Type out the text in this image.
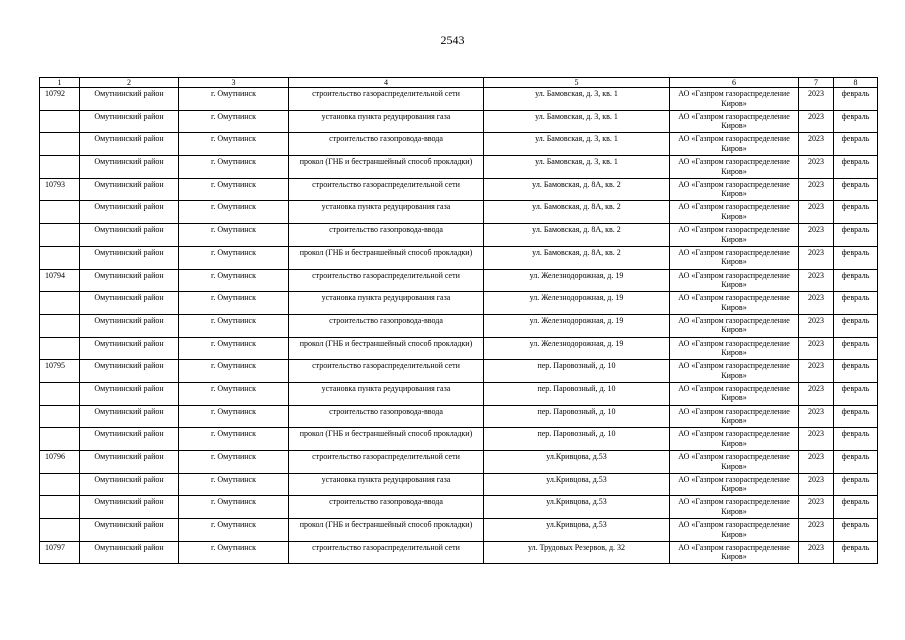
2543
1	2	3	4	5	6	7	8
10792	Омутнинский район	г. Омутнинск	строительство газораспределительной сети	ул. Бамовская, д. 3, кв. 1	АО «Газпром газораспределение Киров»	2023	февраль
	Омутнинский район	г. Омутнинск	установка пункта редуцирования газа	ул. Бамовская, д. 3, кв. 1	АО «Газпром газораспределение Киров»	2023	февраль
	Омутнинский район	г. Омутнинск	строительство газопровода-ввода	ул. Бамовская, д. 3, кв. 1	АО «Газпром газораспределение Киров»	2023	февраль
	Омутнинский район	г. Омутнинск	прокол (ГНБ и бестраншейный способ прокладки)	ул. Бамовская, д. 3, кв. 1	АО «Газпром газораспределение Киров»	2023	февраль
10793	Омутнинский район	г. Омутнинск	строительство газораспределительной сети	ул. Бамовская, д. 8А, кв. 2	АО «Газпром газораспределение Киров»	2023	февраль
	Омутнинский район	г. Омутнинск	установка пункта редуцирования газа	ул. Бамовская, д. 8А, кв. 2	АО «Газпром газораспределение Киров»	2023	февраль
	Омутнинский район	г. Омутнинск	строительство газопровода-ввода	ул. Бамовская, д. 8А, кв. 2	АО «Газпром газораспределение Киров»	2023	февраль
	Омутнинский район	г. Омутнинск	прокол (ГНБ и бестраншейный способ прокладки)	ул. Бамовская, д. 8А, кв. 2	АО «Газпром газораспределение Киров»	2023	февраль
10794	Омутнинский район	г. Омутнинск	строительство газораспределительной сети	ул. Железнодорожная, д. 19	АО «Газпром газораспределение Киров»	2023	февраль
	Омутнинский район	г. Омутнинск	установка пункта редуцирования газа	ул. Железнодорожная, д. 19	АО «Газпром газораспределение Киров»	2023	февраль
	Омутнинский район	г. Омутнинск	строительство газопровода-ввода	ул. Железнодорожная, д. 19	АО «Газпром газораспределение Киров»	2023	февраль
	Омутнинский район	г. Омутнинск	прокол (ГНБ и бестраншейный способ прокладки)	ул. Железнодорожная, д. 19	АО «Газпром газораспределение Киров»	2023	февраль
10795	Омутнинский район	г. Омутнинск	строительство газораспределительной сети	пер. Паровозный, д. 10	АО «Газпром газораспределение Киров»	2023	февраль
	Омутнинский район	г. Омутнинск	установка пункта редуцирования газа	пер. Паровозный, д. 10	АО «Газпром газораспределение Киров»	2023	февраль
	Омутнинский район	г. Омутнинск	строительство газопровода-ввода	пер. Паровозный, д. 10	АО «Газпром газораспределение Киров»	2023	февраль
	Омутнинский район	г. Омутнинск	прокол (ГНБ и бестраншейный способ прокладки)	пер. Паровозный, д. 10	АО «Газпром газораспределение Киров»	2023	февраль
10796	Омутнинский район	г. Омутнинск	строительство газораспределительной сети	ул.Кривцова, д.53	АО «Газпром газораспределение Киров»	2023	февраль
	Омутнинский район	г. Омутнинск	установка пункта редуцирования газа	ул.Кривцова, д.53	АО «Газпром газораспределение Киров»	2023	февраль
	Омутнинский район	г. Омутнинск	строительство газопровода-ввода	ул.Кривцова, д.53	АО «Газпром газораспределение Киров»	2023	февраль
	Омутнинский район	г. Омутнинск	прокол (ГНБ и бестраншейный способ прокладки)	ул.Кривцова, д.53	АО «Газпром газораспределение Киров»	2023	февраль
10797	Омутнинский район	г. Омутнинск	строительство газораспределительной сети	ул. Трудовых Резервов, д. 32	АО «Газпром газораспределение Киров»	2023	февраль
